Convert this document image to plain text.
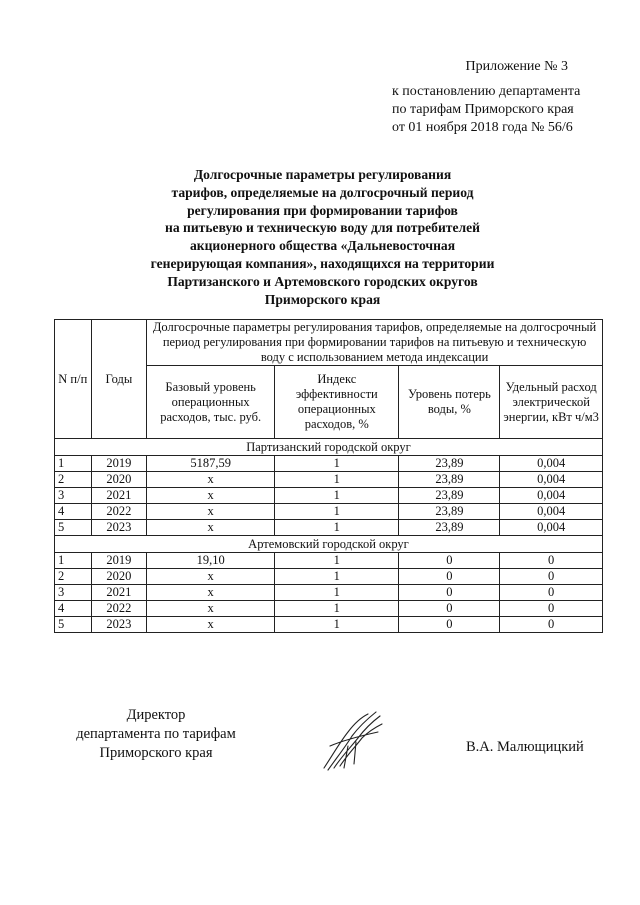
Приложение № 3
к постановлению департамента
по тарифам Приморского края
от 01 ноября 2018 года № 56/6
Долгосрочные параметры регулирования
тарифов, определяемые на долгосрочный период
регулирования при формировании тарифов
на питьевую и техническую воду для потребителей
акционерного общества «Дальневосточная
генерирующая компания», находящихся на территории
Партизанского и Артемовского городских округов
Приморского края
N п/п	Годы	Долгосрочные параметры регулирования тарифов, определяемые на долгосрочный период регулирования при формировании тарифов на питьевую и техническую воду с использованием метода индексации			
		Базовый уровень операционных расходов, тыс. руб.	Индекс эффективности операционных расходов, %	Уровень потерь воды, %	Удельный расход электрической энергии, кВт ч/м3
Партизанский городской округ					
1	2019	5187,59	1	23,89	0,004
2	2020	х	1	23,89	0,004
3	2021	х	1	23,89	0,004
4	2022	х	1	23,89	0,004
5	2023	х	1	23,89	0,004
Артемовский городской округ					
1	2019	19,10	1	0	0
2	2020	х	1	0	0
3	2021	х	1	0	0
4	2022	х	1	0	0
5	2023	х	1	0	0
Директор
департамента по тарифам
Приморского края	В.А. Малющицкий
